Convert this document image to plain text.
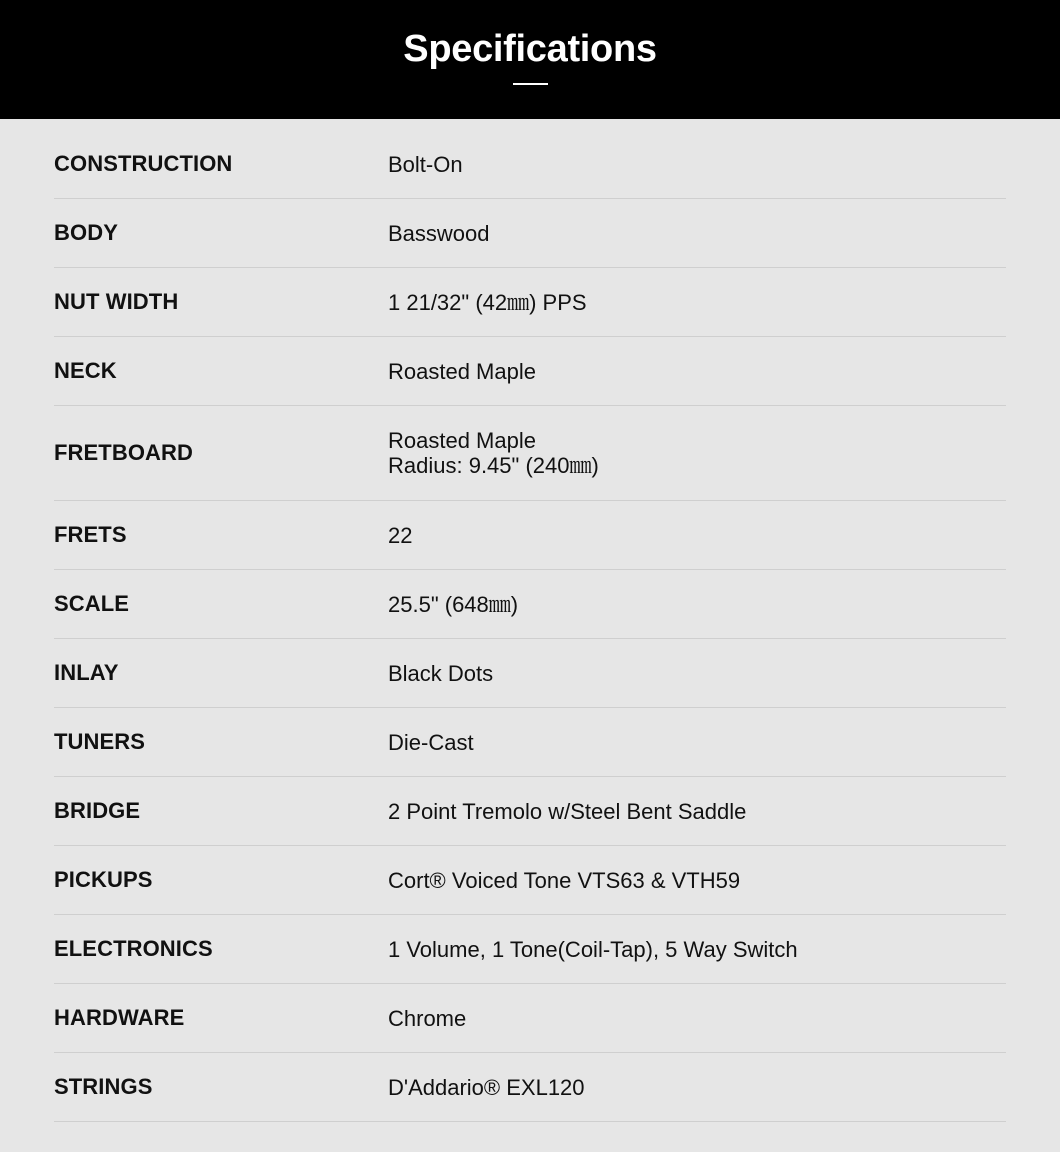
Specifications
CONSTRUCTION	Bolt-On
BODY	Basswood
NUT WIDTH	1 21/32" (42㎜) PPS
NECK	Roasted Maple
FRETBOARD	Roasted Maple
Radius: 9.45" (240㎜)
FRETS	22
SCALE	25.5" (648㎜)
INLAY	Black Dots
TUNERS	Die-Cast
BRIDGE	2 Point Tremolo w/Steel Bent Saddle
PICKUPS	Cort® Voiced Tone VTS63 & VTH59
ELECTRONICS	1 Volume, 1 Tone(Coil-Tap), 5 Way Switch
HARDWARE	Chrome
STRINGS	D'Addario® EXL120
